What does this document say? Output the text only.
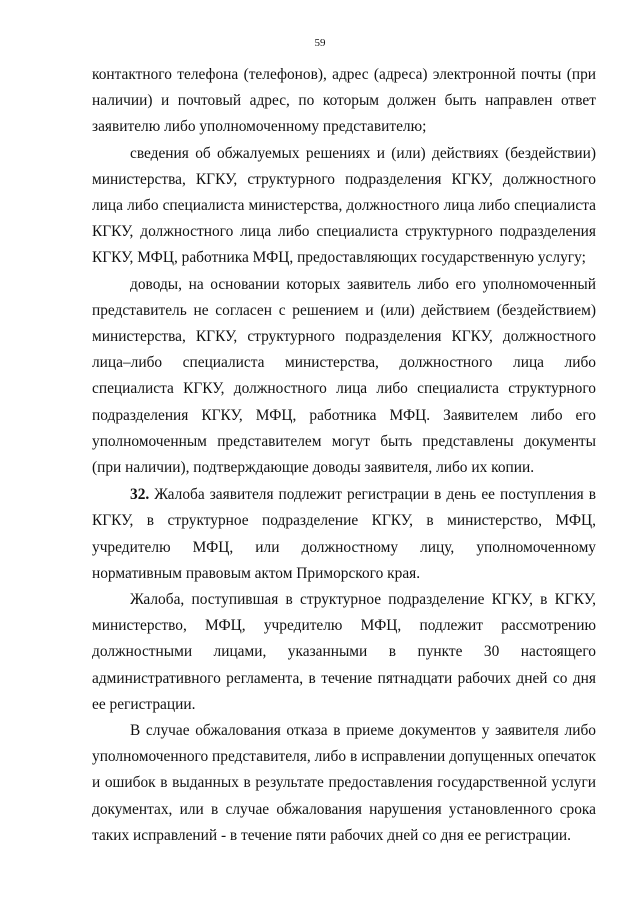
59

контактного телефона (телефонов), адрес (адреса) электронной почты (при наличии) и почтовый адрес, по которым должен быть направлен ответ заявителю либо уполномоченному представителю;

сведения об обжалуемых решениях и (или) действиях (бездействии) министерства, КГКУ, структурного подразделения КГКУ, должностного лица либо специалиста министерства, должностного лица либо специалиста КГКУ, должностного лица либо специалиста структурного подразделения КГКУ, МФЦ, работника МФЦ, предоставляющих государственную услугу;

доводы, на основании которых заявитель либо его уполномоченный представитель не согласен с решением и (или) действием (бездействием) министерства, КГКУ, структурного подразделения КГКУ, должностного лица–либо специалиста министерства, должностного лица либо специалиста КГКУ, должностного лица либо специалиста структурного подразделения КГКУ, МФЦ, работника МФЦ. Заявителем либо его уполномоченным представителем могут быть представлены документы (при наличии), подтверждающие доводы заявителя, либо их копии.

32. Жалоба заявителя подлежит регистрации в день ее поступления в КГКУ, в структурное подразделение КГКУ, в министерство, МФЦ, учредителю МФЦ, или должностному лицу, уполномоченному нормативным правовым актом Приморского края.

Жалоба, поступившая в структурное подразделение КГКУ, в КГКУ, министерство, МФЦ, учредителю МФЦ, подлежит рассмотрению должностными лицами, указанными в пункте 30 настоящего административного регламента, в течение пятнадцати рабочих дней со дня ее регистрации.

В случае обжалования отказа в приеме документов у заявителя либо уполномоченного представителя, либо в исправлении допущенных опечаток и ошибок в выданных в результате предоставления государственной услуги документах, или в случае обжалования нарушения установленного срока таких исправлений - в течение пяти рабочих дней со дня ее регистрации.
